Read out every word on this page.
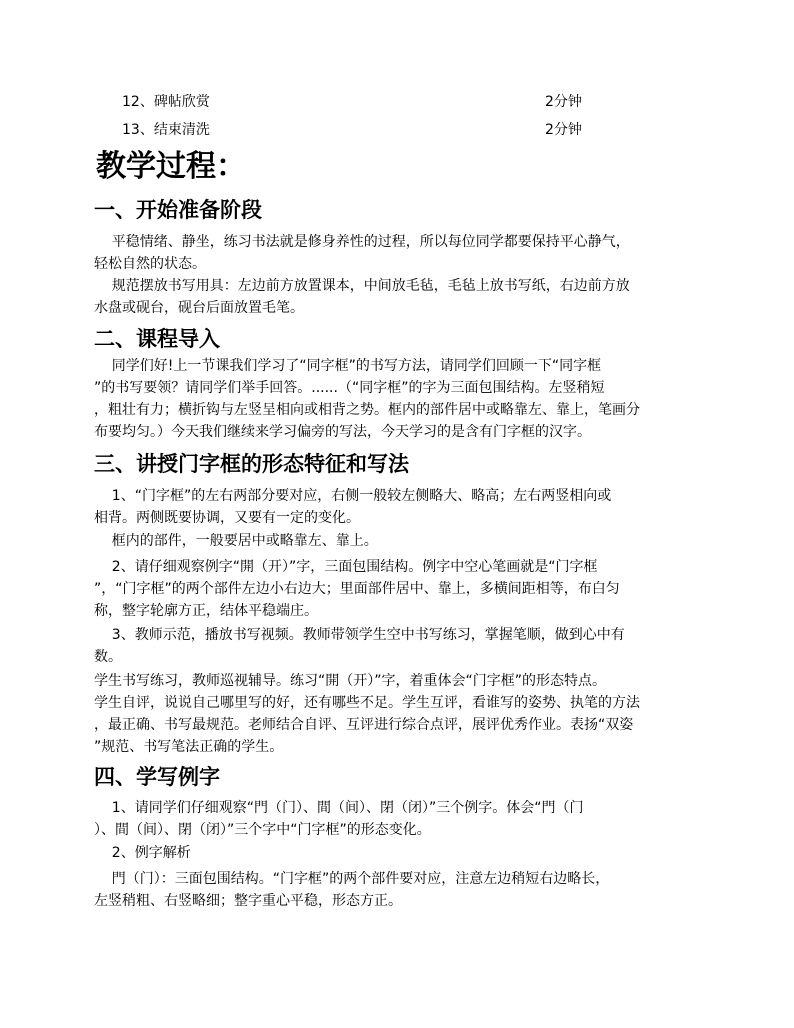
12、碑帖欣赏	2分钟
13、结束清洗	2分钟
教学过程：
一、开始准备阶段
平稳情绪、静坐，练习书法就是修身养性的过程，所以每位同学都要保持平心静气，
轻松自然的状态。
规范摆放书写用具：左边前方放置课本，中间放毛毡，毛毡上放书写纸，右边前方放
水盘或砚台，砚台后面放置毛笔。
二、课程导入
同学们好!上一节课我们学习了“同字框”的书写方法，请同学们回顾一下“同字框
”的书写要领？请同学们举手回答。......（“同字框”的字为三面包围结构。左竖稍短
，粗壮有力；横折钩与左竖呈相向或相背之势。框内的部件居中或略靠左、靠上，笔画分
布要均匀。）今天我们继续来学习偏旁的写法，今天学习的是含有门字框的汉字。
三、讲授门字框的形态特征和写法
1、“门字框”的左右两部分要对应，右侧一般较左侧略大、略高；左右两竖相向或
相背。两侧既要协调，又要有一定的变化。
框内的部件，一般要居中或略靠左、靠上。
2、请仔细观察例字“開（开）”字，三面包围结构。例字中空心笔画就是“门字框
”，“门字框”的两个部件左边小右边大；里面部件居中、靠上，多横间距相等，布白匀
称，整字轮廓方正，结体平稳端庄。
3、教师示范，播放书写视频。教师带领学生空中书写练习，掌握笔顺，做到心中有
数。
学生书写练习，教师巡视辅导。练习“開（开）”字，着重体会“门字框”的形态特点。
学生自评，说说自己哪里写的好，还有哪些不足。学生互评，看谁写的姿势、执笔的方法
，最正确、书写最规范。老师结合自评、互评进行综合点评，展评优秀作业。表扬“双姿
”规范、书写笔法正确的学生。
四、学写例字
1、请同学们仔细观察“門（门）、間（间）、閉（闭）”三个例字。体会“門（门
）、間（间）、閉（闭）”三个字中“门字框”的形态变化。
2、例字解析
門（门）：三面包围结构。“门字框”的两个部件要对应，注意左边稍短右边略长，
左竖稍粗、右竖略细；整字重心平稳，形态方正。
